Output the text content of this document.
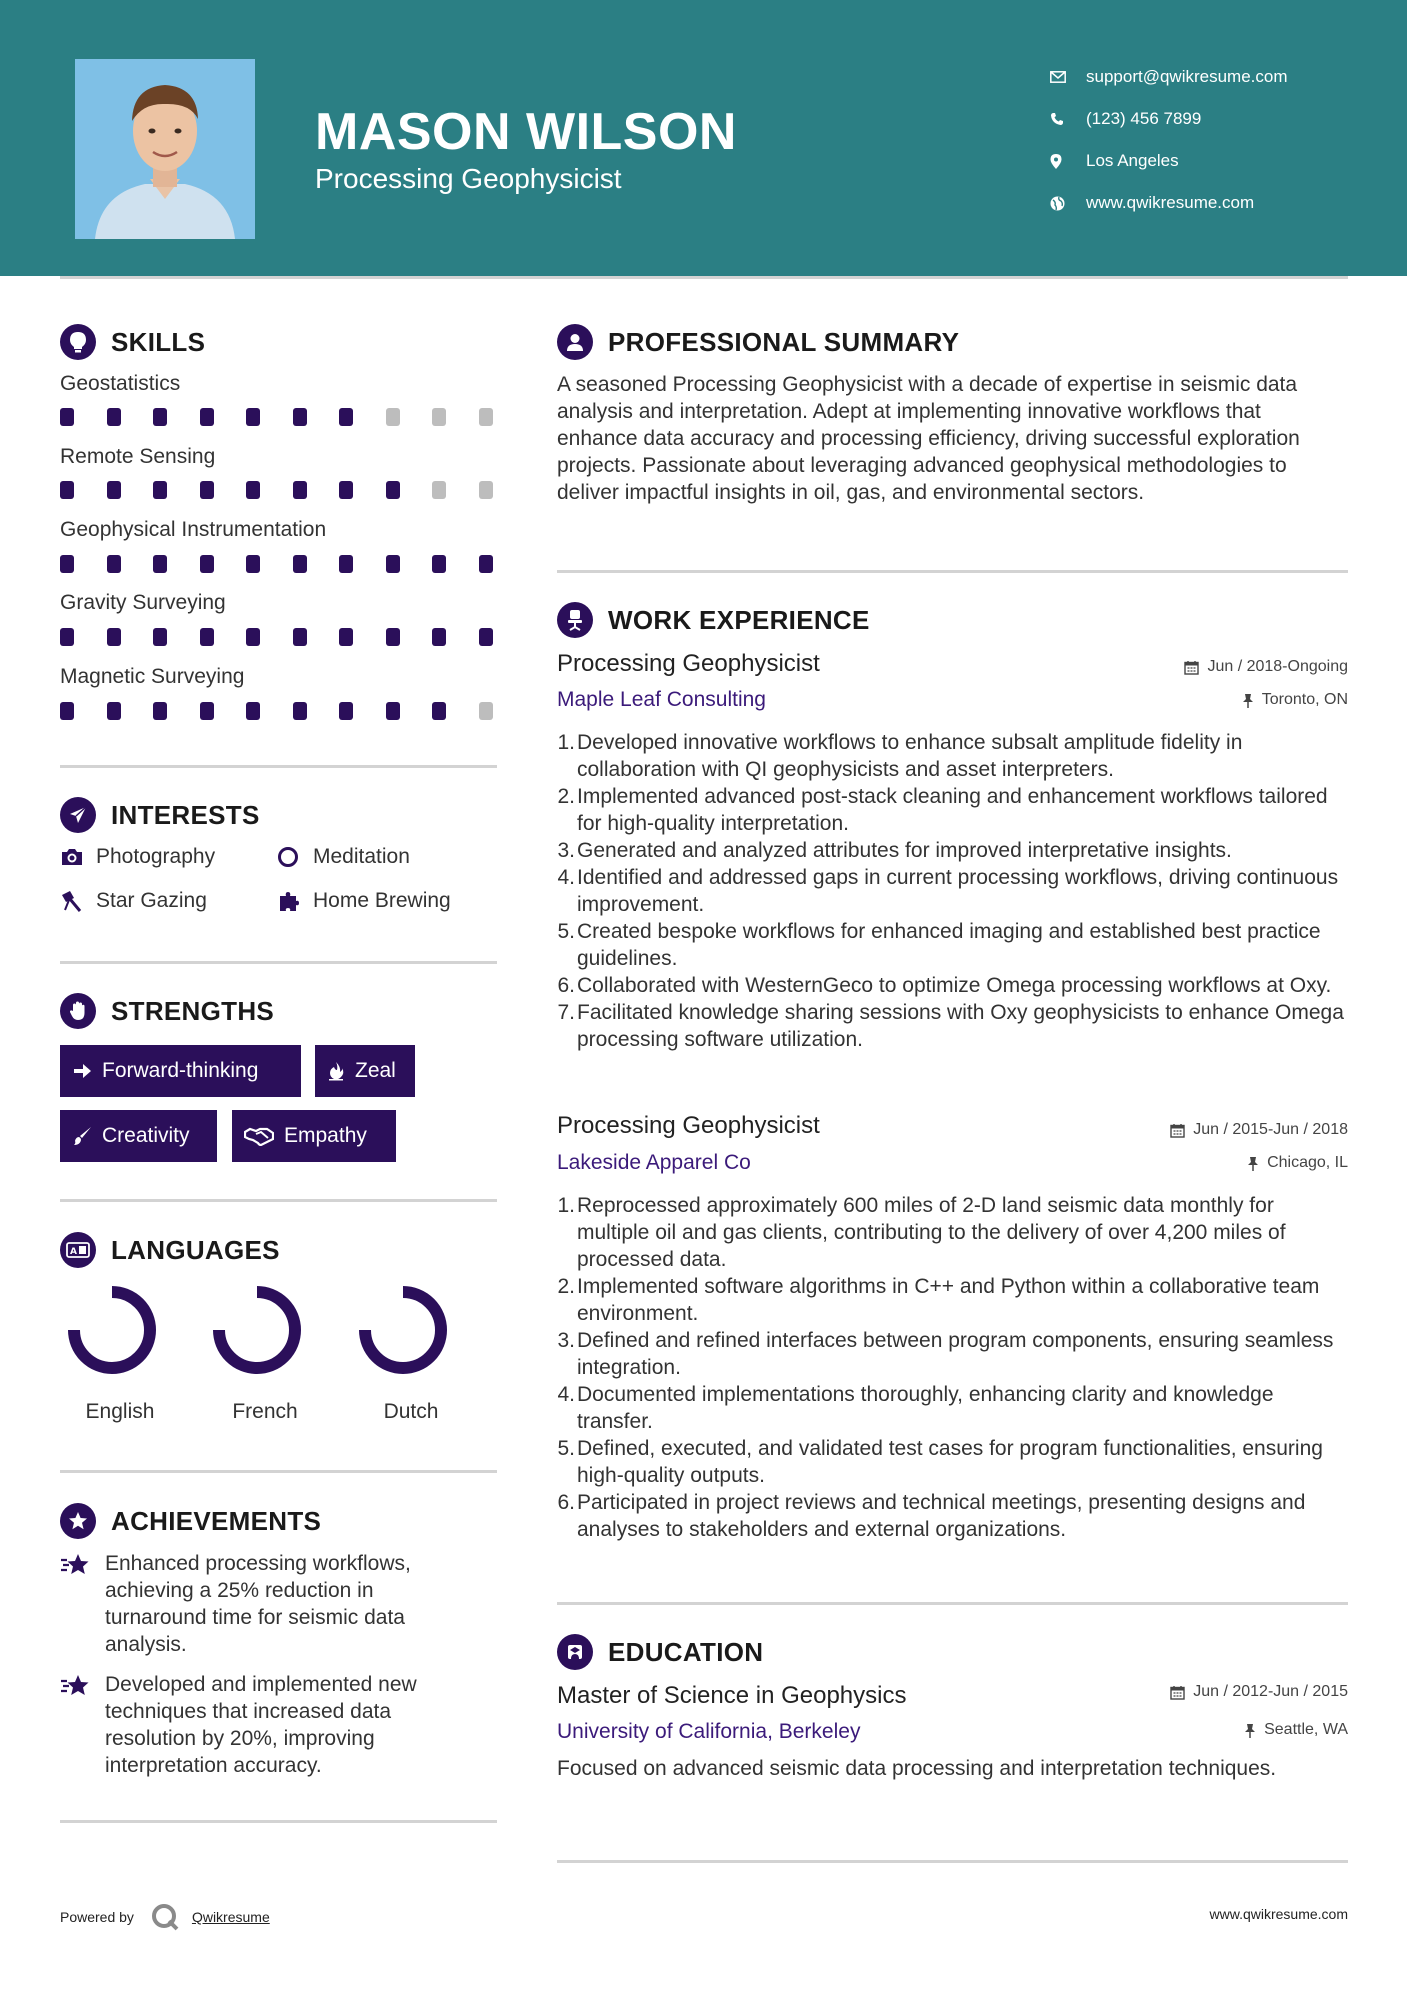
MASON WILSON
Processing Geophysicist
support@qwikresume.com
(123) 456 7899
Los Angeles
www.qwikresume.com
SKILLS
Geostatistics
Remote Sensing
Geophysical Instrumentation
Gravity Surveying
Magnetic Surveying
INTERESTS
Photography	Meditation
Star Gazing	Home Brewing
STRENGTHS
Forward-thinking	Zeal
Creativity	Empathy
A LANGUAGES
English	French	Dutch
ACHIEVEMENTS
Enhanced processing workflows, achieving a 25% reduction in turnaround time for seismic data analysis.
Developed and implemented new techniques that increased data resolution by 20%, improving interpretation accuracy.
PROFESSIONAL SUMMARY
A seasoned Processing Geophysicist with a decade of expertise in seismic data analysis and interpretation. Adept at implementing innovative workflows that enhance data accuracy and processing efficiency, driving successful exploration projects. Passionate about leveraging advanced geophysical methodologies to deliver impactful insights in oil, gas, and environmental sectors.
WORK EXPERIENCE
Processing Geophysicist	Jun / 2018-Ongoing
Maple Leaf Consulting	Toronto, ON
1. Developed innovative workflows to enhance subsalt amplitude fidelity in collaboration with QI geophysicists and asset interpreters.
2. Implemented advanced post-stack cleaning and enhancement workflows tailored for high-quality interpretation.
3. Generated and analyzed attributes for improved interpretative insights.
4. Identified and addressed gaps in current processing workflows, driving continuous improvement.
5. Created bespoke workflows for enhanced imaging and established best practice guidelines.
6. Collaborated with WesternGeco to optimize Omega processing workflows at Oxy.
7. Facilitated knowledge sharing sessions with Oxy geophysicists to enhance Omega processing software utilization.
Processing Geophysicist	Jun / 2015-Jun / 2018
Lakeside Apparel Co	Chicago, IL
1. Reprocessed approximately 600 miles of 2-D land seismic data monthly for multiple oil and gas clients, contributing to the delivery of over 4,200 miles of processed data.
2. Implemented software algorithms in C++ and Python within a collaborative team environment.
3. Defined and refined interfaces between program components, ensuring seamless integration.
4. Documented implementations thoroughly, enhancing clarity and knowledge transfer.
5. Defined, executed, and validated test cases for program functionalities, ensuring high-quality outputs.
6. Participated in project reviews and technical meetings, presenting designs and analyses to stakeholders and external organizations.
EDUCATION
Master of Science in Geophysics	Jun / 2012-Jun / 2015
University of California, Berkeley	Seattle, WA
Focused on advanced seismic data processing and interpretation techniques.
Powered by	Qwikresume	www.qwikresume.com
